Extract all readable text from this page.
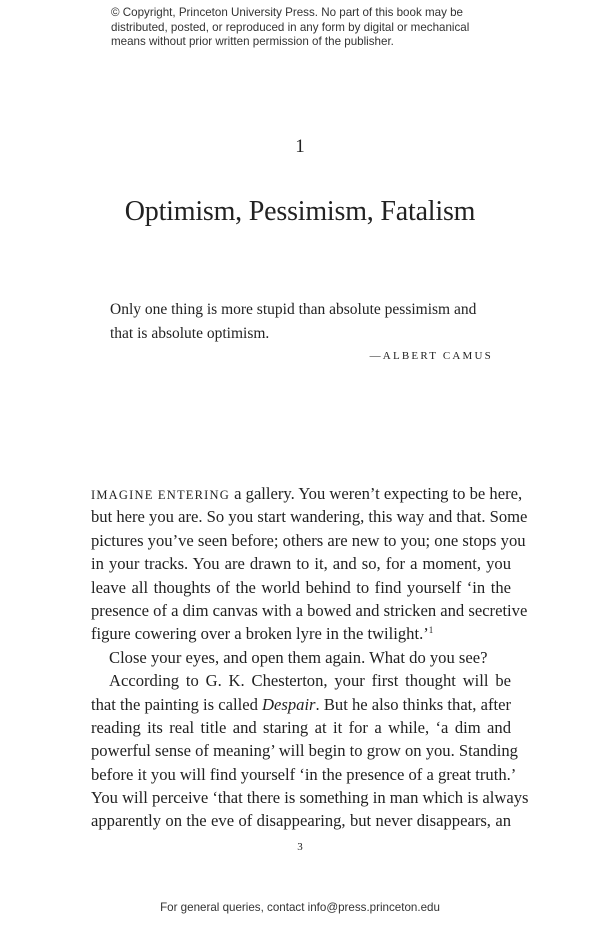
© Copyright, Princeton University Press. No part of this book may be
distributed, posted, or reproduced in any form by digital or mechanical
means without prior written permission of the publisher.
1
Optimism, Pessimism, Fatalism
Only one thing is more stupid than absolute pessimism and
that is absolute optimism.
—ALBERT CAMUS
IMAGINE ENTERING a gallery. You weren’t expecting to be here,
but here you are. So you start wandering, this way and that. Some
pictures you’ve seen before; others are new to you; one stops you
in your tracks. You are drawn to it, and so, for a moment, you
leave all thoughts of the world behind to find yourself ‘in the
presence of a dim canvas with a bowed and stricken and secretive
figure cowering over a broken lyre in the twilight.’$^1$
Close your eyes, and open them again. What do you see?
According to G. K. Chesterton, your first thought will be
that the painting is called Despair. But he also thinks that, after
reading its real title and staring at it for a while, ‘a dim and
powerful sense of meaning’ will begin to grow on you. Standing
before it you will find yourself ‘in the presence of a great truth.’
You will perceive ‘that there is something in man which is always
apparently on the eve of disappearing, but never disappears, an
3
For general queries, contact info@press.princeton.edu
